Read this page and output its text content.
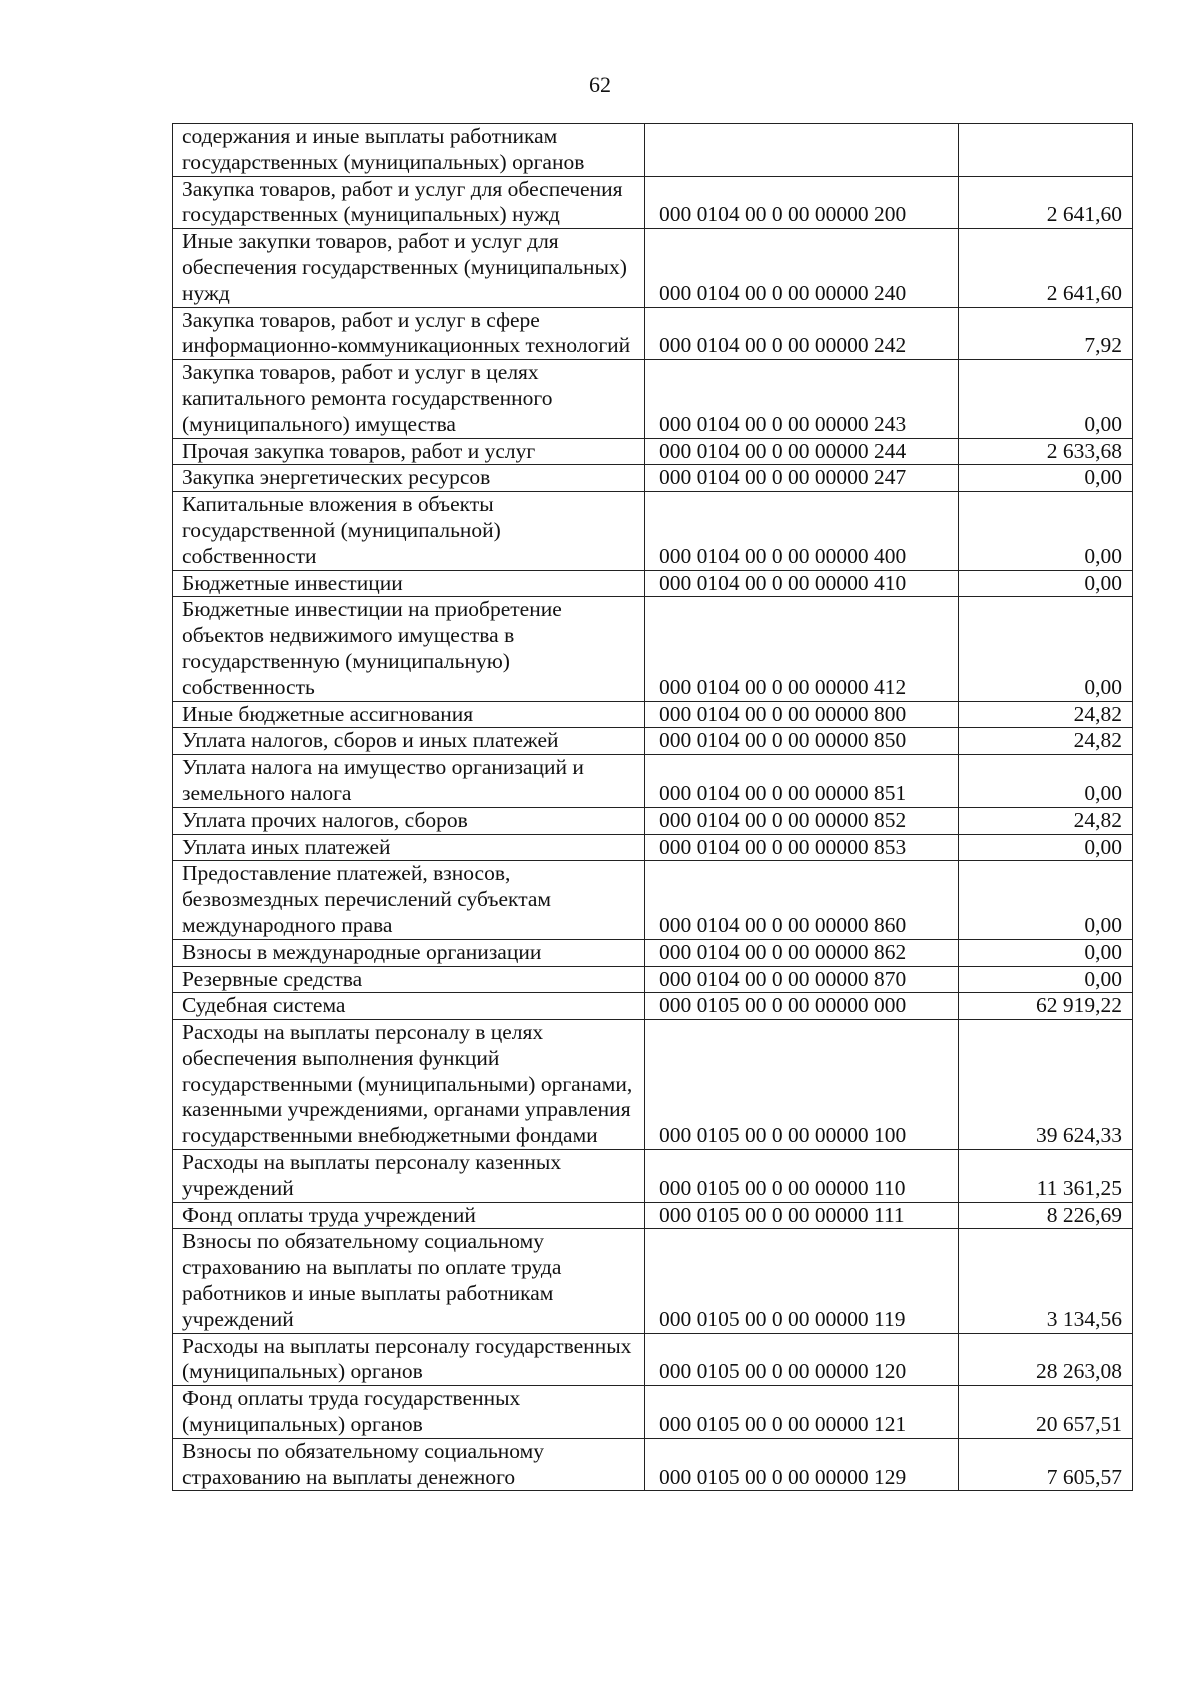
62
содержания и иные выплаты работникам государственных (муниципальных) органов		
Закупка товаров, работ и услуг для обеспечения государственных (муниципальных) нужд	000 0104 00 0 00 00000 200	2 641,60
Иные закупки товаров, работ и услуг для обеспечения государственных (муниципальных) нужд	000 0104 00 0 00 00000 240	2 641,60
Закупка товаров, работ и услуг в сфере информационно-коммуникационных технологий	000 0104 00 0 00 00000 242	7,92
Закупка товаров, работ и услуг в целях капитального ремонта государственного (муниципального) имущества	000 0104 00 0 00 00000 243	0,00
Прочая закупка товаров, работ и услуг	000 0104 00 0 00 00000 244	2 633,68
Закупка энергетических ресурсов	000 0104 00 0 00 00000 247	0,00
Капитальные вложения в объекты государственной (муниципальной) собственности	000 0104 00 0 00 00000 400	0,00
Бюджетные инвестиции	000 0104 00 0 00 00000 410	0,00
Бюджетные инвестиции на приобретение объектов недвижимого имущества в государственную (муниципальную) собственность	000 0104 00 0 00 00000 412	0,00
Иные бюджетные ассигнования	000 0104 00 0 00 00000 800	24,82
Уплата налогов, сборов и иных платежей	000 0104 00 0 00 00000 850	24,82
Уплата налога на имущество организаций и земельного налога	000 0104 00 0 00 00000 851	0,00
Уплата прочих налогов, сборов	000 0104 00 0 00 00000 852	24,82
Уплата иных платежей	000 0104 00 0 00 00000 853	0,00
Предоставление платежей, взносов, безвозмездных перечислений субъектам международного права	000 0104 00 0 00 00000 860	0,00
Взносы в международные организации	000 0104 00 0 00 00000 862	0,00
Резервные средства	000 0104 00 0 00 00000 870	0,00
Судебная система	000 0105 00 0 00 00000 000	62 919,22
Расходы на выплаты персоналу в целях обеспечения выполнения функций государственными (муниципальными) органами, казенными учреждениями, органами управления государственными внебюджетными фондами	000 0105 00 0 00 00000 100	39 624,33
Расходы на выплаты персоналу казенных учреждений	000 0105 00 0 00 00000 110	11 361,25
Фонд оплаты труда учреждений	000 0105 00 0 00 00000 111	8 226,69
Взносы по обязательному социальному страхованию на выплаты по оплате труда работников и иные выплаты работникам учреждений	000 0105 00 0 00 00000 119	3 134,56
Расходы на выплаты персоналу государственных (муниципальных) органов	000 0105 00 0 00 00000 120	28 263,08
Фонд оплаты труда государственных (муниципальных) органов	000 0105 00 0 00 00000 121	20 657,51
Взносы по обязательному социальному страхованию на выплаты денежного	000 0105 00 0 00 00000 129	7 605,57
